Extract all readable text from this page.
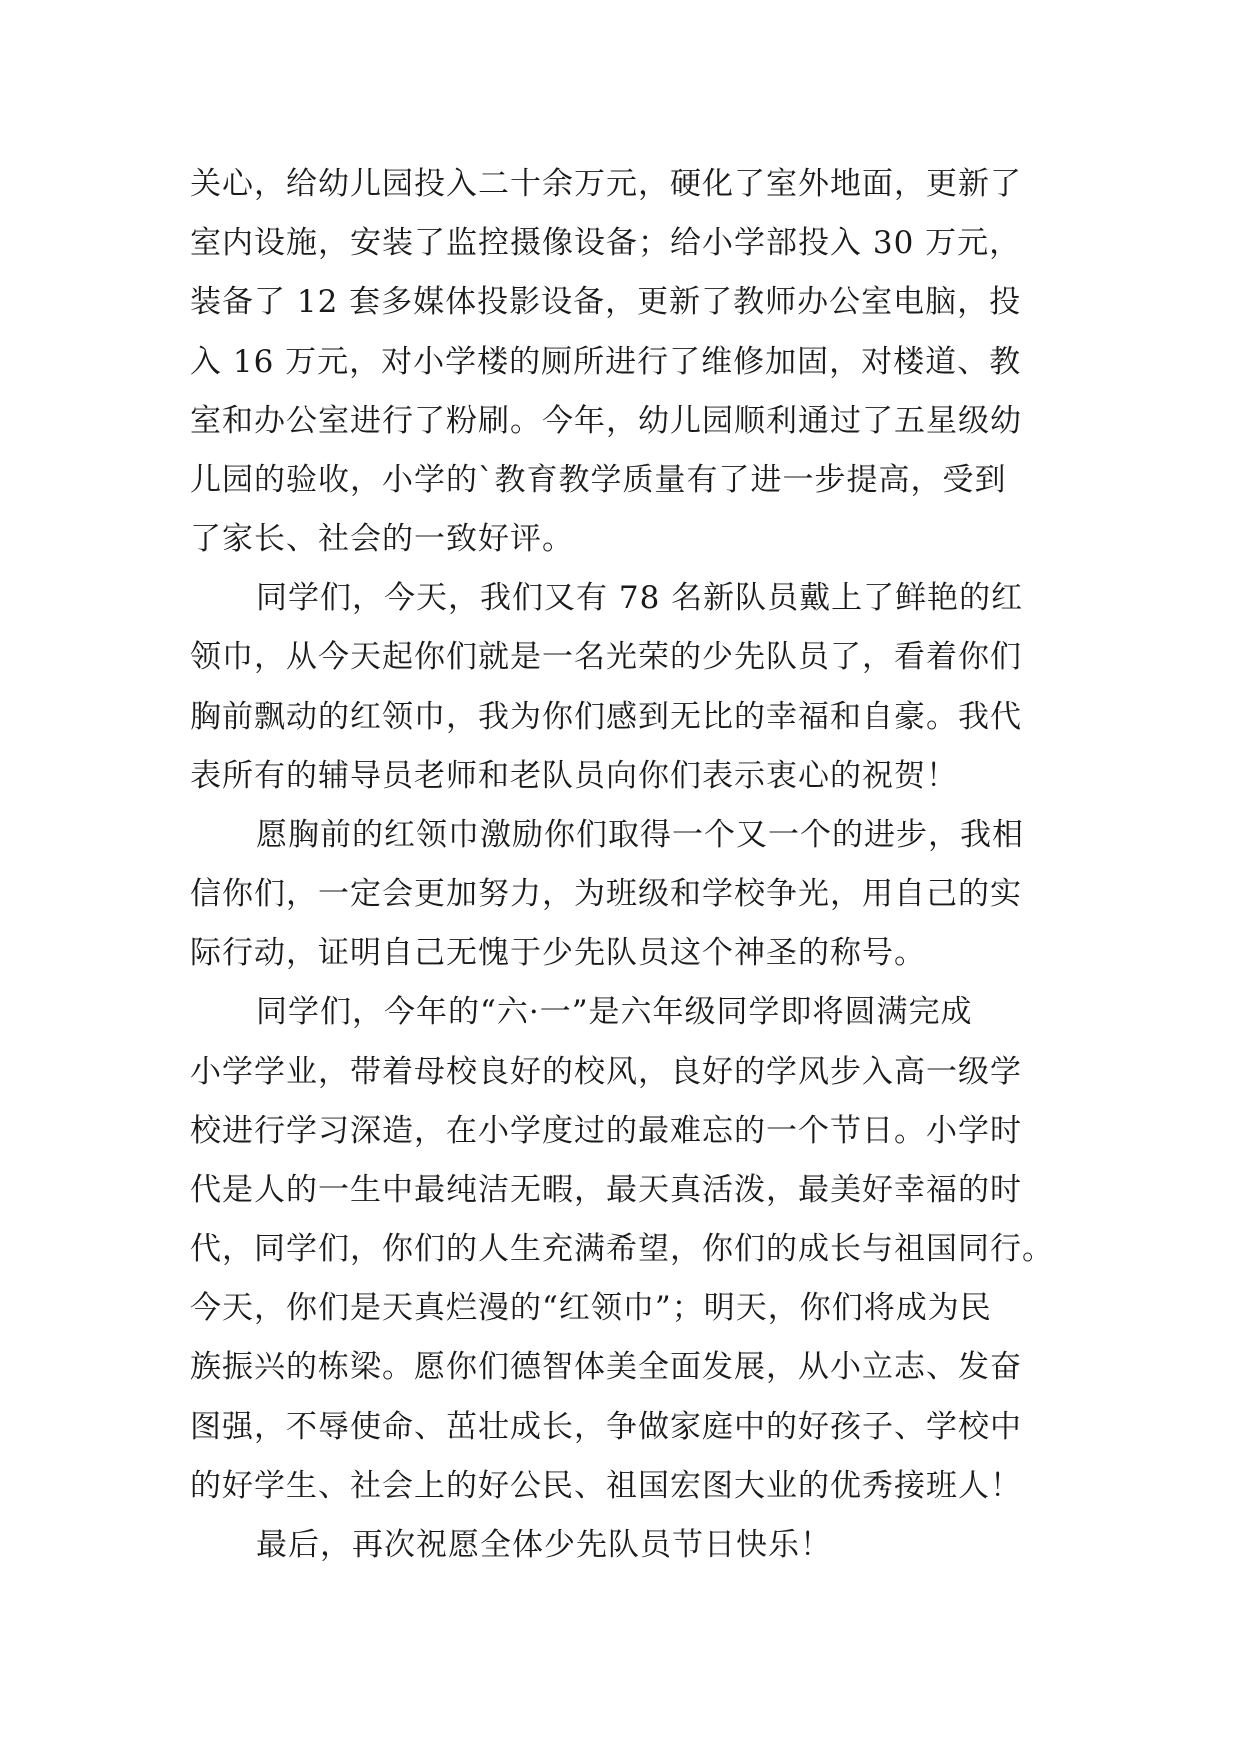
关心，给幼儿园投入二十余万元，硬化了室外地面，更新了
室内设施，安装了监控摄像设备；给小学部投入 30 万元，
装备了 12 套多媒体投影设备，更新了教师办公室电脑，投
入 16 万元，对小学楼的厕所进行了维修加固，对楼道、教
室和办公室进行了粉刷。今年，幼儿园顺利通过了五星级幼
儿园的验收，小学的`教育教学质量有了进一步提高，受到
了家长、社会的一致好评。
同学们，今天，我们又有 78 名新队员戴上了鲜艳的红
领巾，从今天起你们就是一名光荣的少先队员了，看着你们
胸前飘动的红领巾，我为你们感到无比的幸福和自豪。我代
表所有的辅导员老师和老队员向你们表示衷心的祝贺！
愿胸前的红领巾激励你们取得一个又一个的进步，我相
信你们，一定会更加努力，为班级和学校争光，用自己的实
际行动，证明自己无愧于少先队员这个神圣的称号。
同学们，今年的“六·一”是六年级同学即将圆满完成
小学学业，带着母校良好的校风，良好的学风步入高一级学
校进行学习深造，在小学度过的最难忘的一个节日。小学时
代是人的一生中最纯洁无暇，最天真活泼，最美好幸福的时
代，同学们，你们的人生充满希望，你们的成长与祖国同行。
今天，你们是天真烂漫的“红领巾”；明天，你们将成为民
族振兴的栋梁。愿你们德智体美全面发展，从小立志、发奋
图强，不辱使命、茁壮成长，争做家庭中的好孩子、学校中
的好学生、社会上的好公民、祖国宏图大业的优秀接班人！
最后，再次祝愿全体少先队员节日快乐！
